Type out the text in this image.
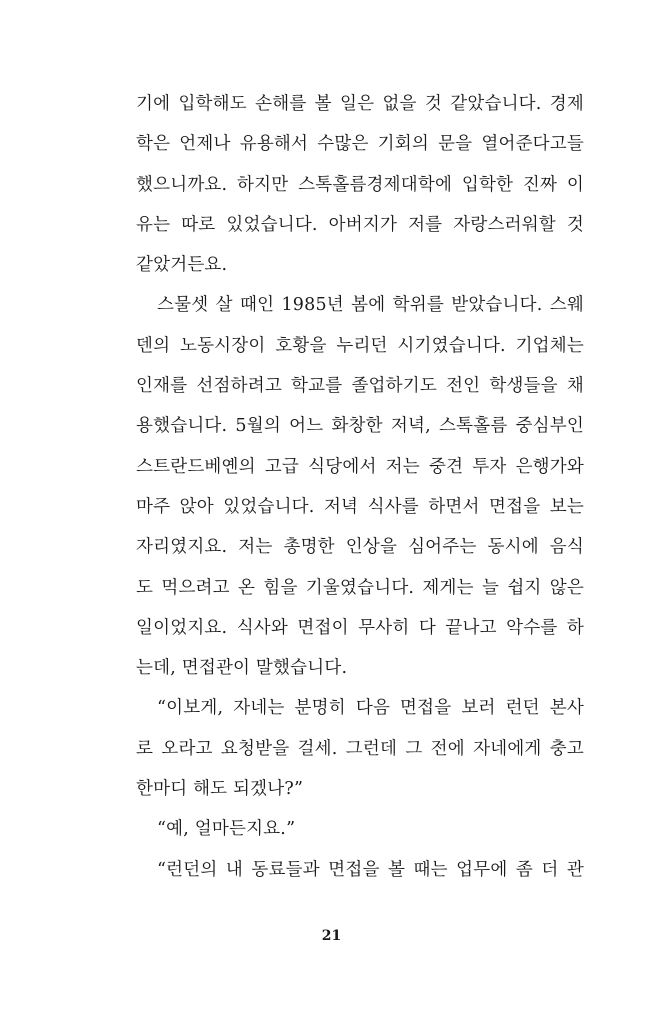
기에 입학해도 손해를 볼 일은 없을 것 같았습니다. 경제
학은 언제나 유용해서 수많은 기회의 문을 열어준다고들
했으니까요. 하지만 스톡홀름경제대학에 입학한 진짜 이
유는 따로 있었습니다. 아버지가 저를 자랑스러워할 것
같았거든요.
스물셋 살 때인 1985년 봄에 학위를 받았습니다. 스웨
덴의 노동시장이 호황을 누리던 시기였습니다. 기업체는
인재를 선점하려고 학교를 졸업하기도 전인 학생들을 채
용했습니다. 5월의 어느 화창한 저녁, 스톡홀름 중심부인
스트란드베옌의 고급 식당에서 저는 중견 투자 은행가와
마주 앉아 있었습니다. 저녁 식사를 하면서 면접을 보는
자리였지요. 저는 총명한 인상을 심어주는 동시에 음식
도 먹으려고 온 힘을 기울였습니다. 제게는 늘 쉽지 않은
일이었지요. 식사와 면접이 무사히 다 끝나고 악수를 하
는데, 면접관이 말했습니다.
“이보게, 자네는 분명히 다음 면접을 보러 런던 본사
로 오라고 요청받을 걸세. 그런데 그 전에 자네에게 충고
한마디 해도 되겠나?”
“예, 얼마든지요.”
“런던의 내 동료들과 면접을 볼 때는 업무에 좀 더 관
21
